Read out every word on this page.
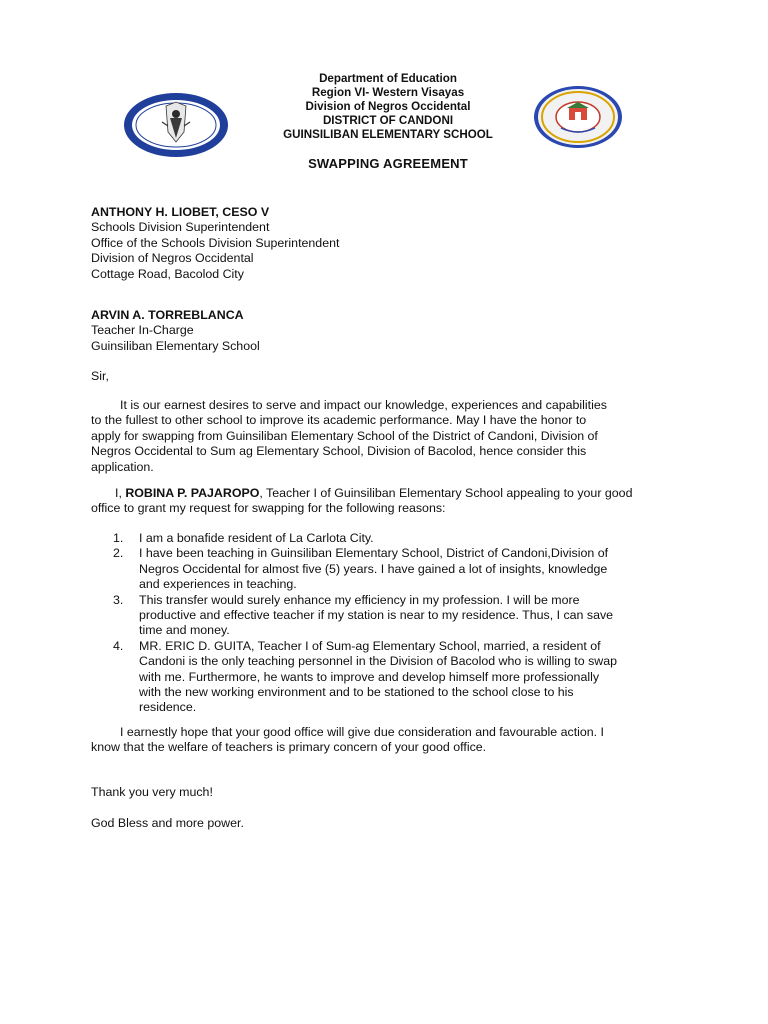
Department of Education
Region VI- Western Visayas
Division of Negros Occidental
DISTRICT OF CANDONI
GUINSILIBAN ELEMENTARY SCHOOL
SWAPPING AGREEMENT
ANTHONY H. LIOBET, CESO V
Schools Division Superintendent
Office of the Schools Division Superintendent
Division of Negros Occidental
Cottage Road, Bacolod City
ARVIN A. TORREBLANCA
Teacher In-Charge
Guinsiliban Elementary School
Sir,
It is our earnest desires to serve and impact our knowledge, experiences and capabilities
to the fullest to other school to improve its academic performance. May I have the honor to
apply for swapping from Guinsiliban Elementary School of the District of Candoni, Division of
Negros Occidental to Sum ag Elementary School, Division of Bacolod, hence consider this
application.
I, ROBINA P. PAJAROPO, Teacher I of Guinsiliban Elementary School appealing to your good
office to grant my request for swapping for the following reasons:
1. I am a bonafide resident of La Carlota City.
2. I have been teaching in Guinsiliban Elementary School, District of Candoni,Division of
Negros Occidental for almost five (5) years. I have gained a lot of insights, knowledge
and experiences in teaching.
3. This transfer would surely enhance my efficiency in my profession. I will be more
productive and effective teacher if my station is near to my residence. Thus, I can save
time and money.
4. MR. ERIC D. GUITA, Teacher I of Sum-ag Elementary School, married, a resident of
Candoni is the only teaching personnel in the Division of Bacolod who is willing to swap
with me. Furthermore, he wants to improve and develop himself more professionally
with the new working environment and to be stationed to the school close to his
residence.
I earnestly hope that your good office will give due consideration and favourable action. I
know that the welfare of teachers is primary concern of your good office.
Thank you very much!
God Bless and more power.
